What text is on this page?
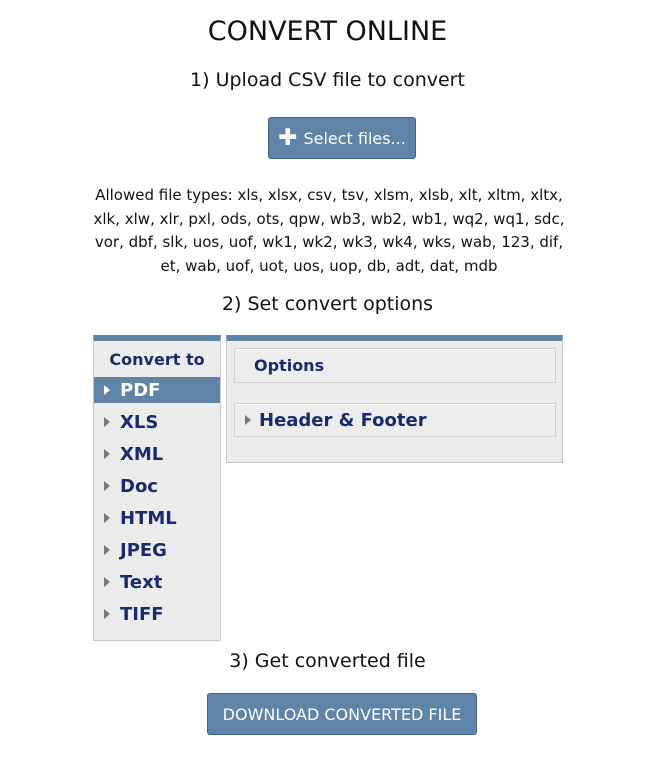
CONVERT ONLINE
1) Upload CSV file to convert
✚ Select files...
Allowed file types: xls, xlsx, csv, tsv, xlsm, xlsb, xlt, xltm, xltx, xlk, xlw, xlr, pxl, ods, ots, qpw, wb3, wb2, wb1, wq2, wq1, sdc, vor, dbf, slk, uos, uof, wk1, wk2, wk3, wk4, wks, wab, 123, dif, et, wab, uof, uot, uos, uop, db, adt, dat, mdb
2) Set convert options
Convert to
PDF
XLS
XML
Doc
HTML
JPEG
Text
TIFF
Options
Header & Footer
3) Get converted file
DOWNLOAD CONVERTED FILE
